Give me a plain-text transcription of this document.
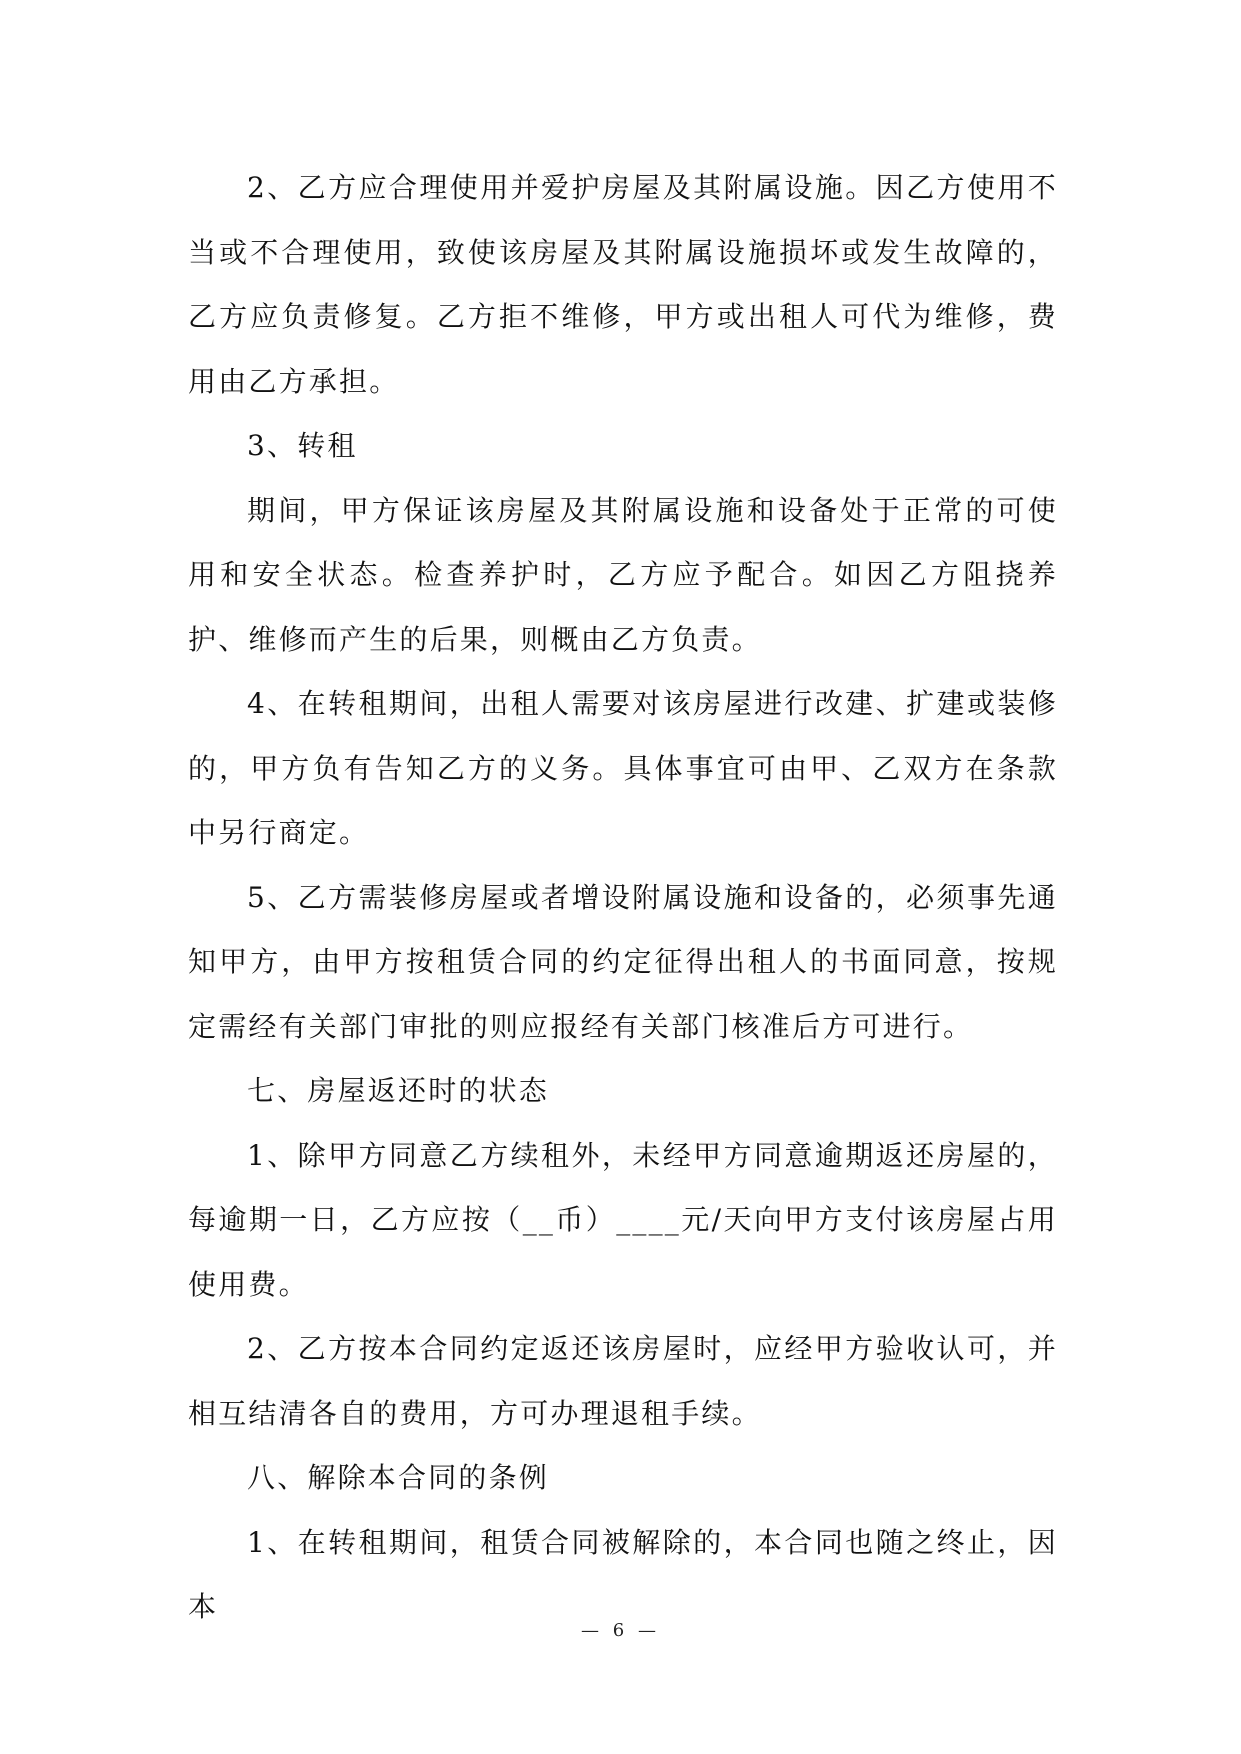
2、乙方应合理使用并爱护房屋及其附属设施。因乙方使用不当或不合理使用，致使该房屋及其附属设施损坏或发生故障的，乙方应负责修复。乙方拒不维修，甲方或出租人可代为维修，费用由乙方承担。

3、转租

期间，甲方保证该房屋及其附属设施和设备处于正常的可使用和安全状态。检查养护时，乙方应予配合。如因乙方阻挠养护、维修而产生的后果，则概由乙方负责。

4、在转租期间，出租人需要对该房屋进行改建、扩建或装修的，甲方负有告知乙方的义务。具体事宜可由甲、乙双方在条款中另行商定。

5、乙方需装修房屋或者增设附属设施和设备的，必须事先通知甲方，由甲方按租赁合同的约定征得出租人的书面同意，按规定需经有关部门审批的则应报经有关部门核准后方可进行。

七、房屋返还时的状态

1、除甲方同意乙方续租外，未经甲方同意逾期返还房屋的，每逾期一日，乙方应按（__币）____元/天向甲方支付该房屋占用使用费。

2、乙方按本合同约定返还该房屋时，应经甲方验收认可，并相互结清各自的费用，方可办理退租手续。

八、解除本合同的条例

1、在转租期间，租赁合同被解除的，本合同也随之终止，因本

— 6 —
